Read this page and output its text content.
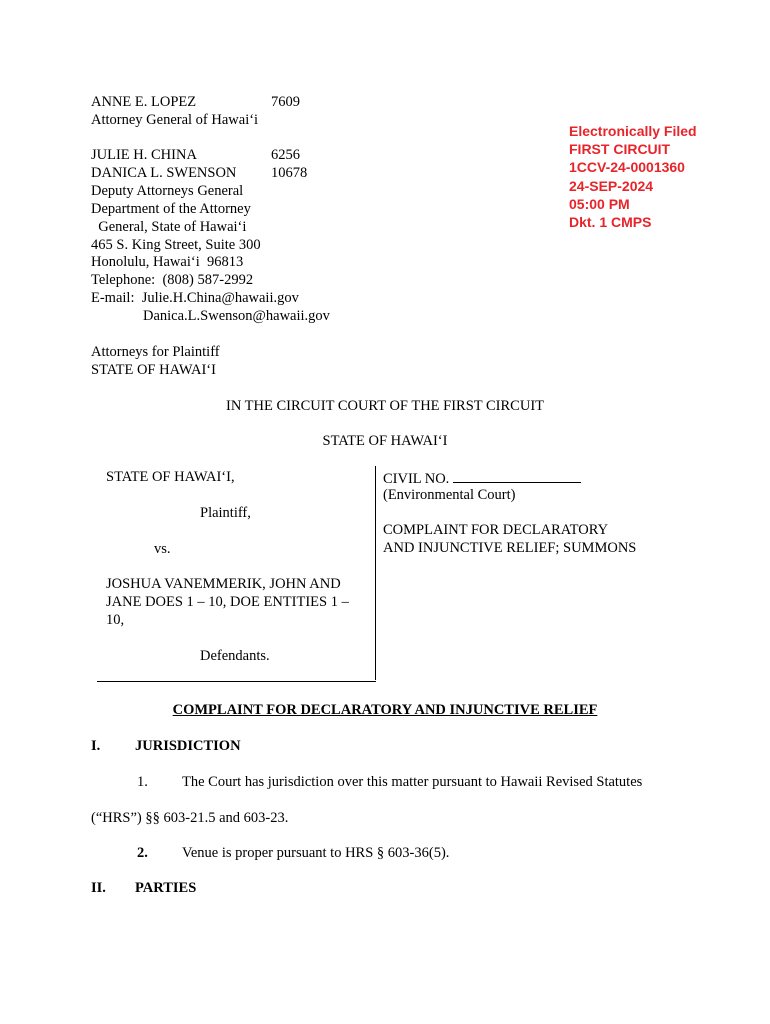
ANNE E. LOPEZ	7609
Attorney General of Hawai‘i
JULIE H. CHINA	6256
DANICA L. SWENSON 10678
Deputy Attorneys General
Department of the Attorney
General, State of Hawai‘i
465 S. King Street, Suite 300
Honolulu, Hawai‘i  96813
Telephone:  (808) 587-2992
E-mail:  Julie.H.China@hawaii.gov
Danica.L.Swenson@hawaii.gov
Attorneys for Plaintiff
STATE OF HAWAI‘I
Electronically Filed
FIRST CIRCUIT
1CCV-24-0001360
24-SEP-2024
05:00 PM
Dkt. 1 CMPS
IN THE CIRCUIT COURT OF THE FIRST CIRCUIT
STATE OF HAWAI‘I
STATE OF HAWAI‘I,
Plaintiff,
vs.
JOSHUA VANEMMERIK, JOHN AND
JANE DOES 1 – 10, DOE ENTITIES 1 –
10,
Defendants.
CIVIL NO.
(Environmental Court)
COMPLAINT FOR DECLARATORY
AND INJUNCTIVE RELIEF; SUMMONS
COMPLAINT FOR DECLARATORY AND INJUNCTIVE RELIEF
I. JURISDICTION
1. The Court has jurisdiction over this matter pursuant to Hawaii Revised Statutes
(“HRS”) §§ 603-21.5 and 603-23.
2. Venue is proper pursuant to HRS § 603-36(5).
II. PARTIES
